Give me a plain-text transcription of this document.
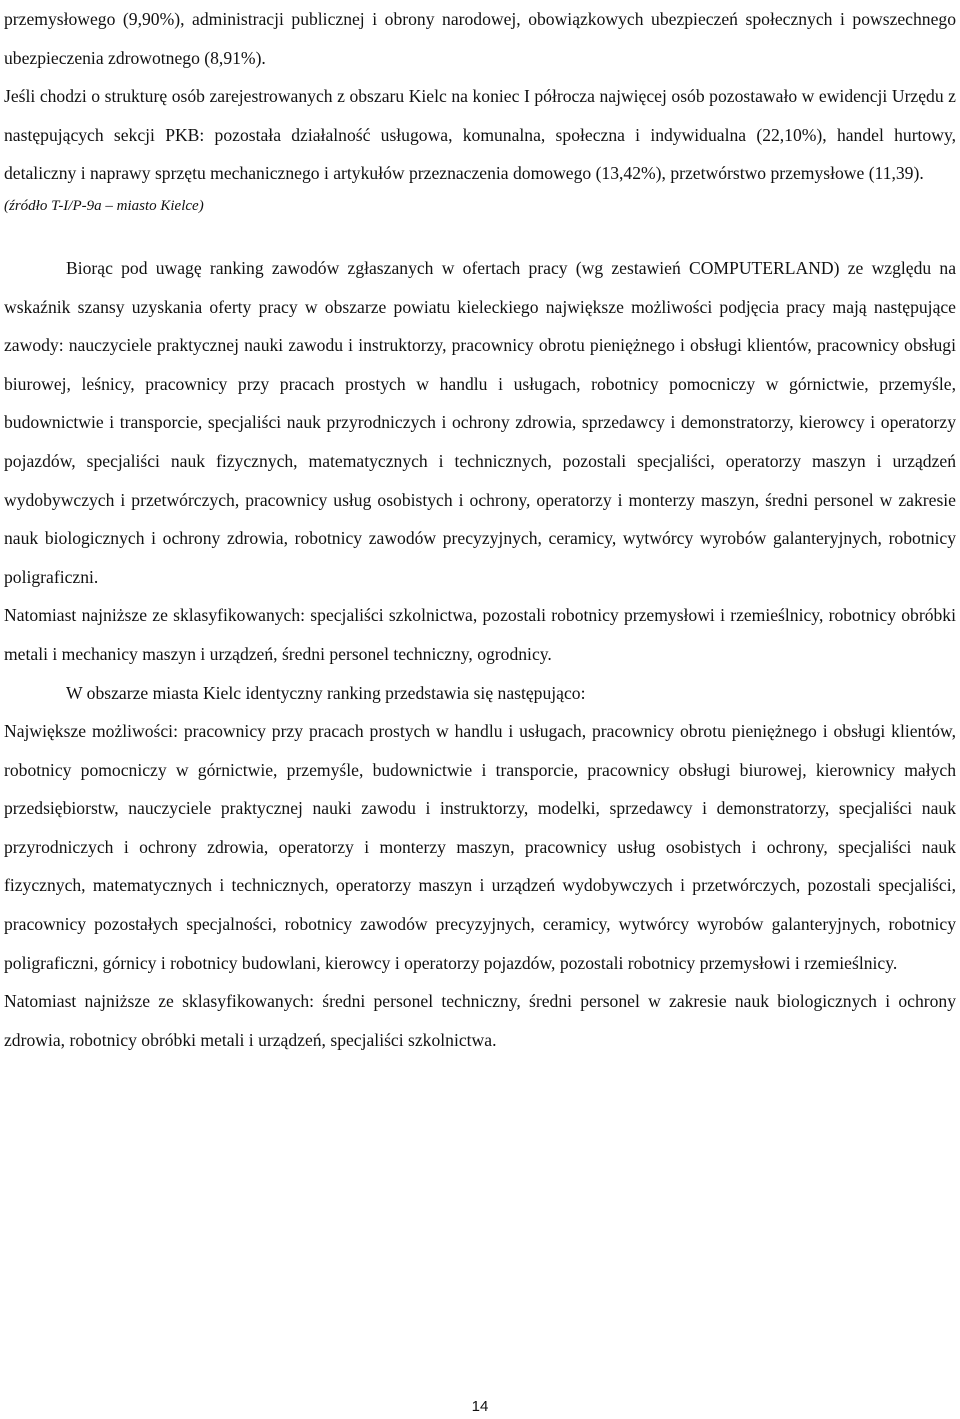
przemysłowego (9,90%), administracji publicznej i obrony narodowej, obowiązkowych ubezpieczeń społecznych i powszechnego ubezpieczenia zdrowotnego (8,91%).

Jeśli chodzi o strukturę osób zarejestrowanych z obszaru Kielc na koniec I półrocza najwięcej osób pozostawało w ewidencji Urzędu z następujących sekcji PKB: pozostała działalność usługowa, komunalna, społeczna i indywidualna (22,10%), handel hurtowy, detaliczny i naprawy sprzętu mechanicznego i artykułów przeznaczenia domowego (13,42%), przetwórstwo przemysłowe (11,39).

(źródło T-I/P-9a – miasto Kielce)

Biorąc pod uwagę ranking zawodów zgłaszanych w ofertach pracy (wg zestawień COMPUTERLAND) ze względu na wskaźnik szansy uzyskania oferty pracy w obszarze powiatu kieleckiego największe możliwości podjęcia pracy mają następujące zawody: nauczyciele praktycznej nauki zawodu i instruktorzy, pracownicy obrotu pieniężnego i obsługi klientów, pracownicy obsługi biurowej, leśnicy, pracownicy przy pracach prostych w handlu i usługach, robotnicy pomocniczy w górnictwie, przemyśle, budownictwie i transporcie, specjaliści nauk przyrodniczych i ochrony zdrowia, sprzedawcy i demonstratorzy, kierowcy i operatorzy pojazdów, specjaliści nauk fizycznych, matematycznych i technicznych, pozostali specjaliści, operatorzy maszyn i urządzeń wydobywczych i przetwórczych, pracownicy usług osobistych i ochrony, operatorzy i monterzy maszyn, średni personel w zakresie nauk biologicznych i ochrony zdrowia, robotnicy zawodów precyzyjnych, ceramicy, wytwórcy wyrobów galanteryjnych, robotnicy poligraficzni.

Natomiast najniższe ze sklasyfikowanych: specjaliści szkolnictwa, pozostali robotnicy przemysłowi i rzemieślnicy, robotnicy obróbki metali i mechanicy maszyn i urządzeń, średni personel techniczny, ogrodnicy.

W obszarze miasta Kielc identyczny ranking przedstawia się następująco:

Największe możliwości: pracownicy przy pracach prostych w handlu i usługach, pracownicy obrotu pieniężnego i obsługi klientów, robotnicy pomocniczy w górnictwie, przemyśle, budownictwie i transporcie, pracownicy obsługi biurowej, kierownicy małych przedsiębiorstw, nauczyciele praktycznej nauki zawodu i instruktorzy, modelki, sprzedawcy i demonstratorzy, specjaliści nauk przyrodniczych i ochrony zdrowia, operatorzy i monterzy maszyn, pracownicy usług osobistych i ochrony, specjaliści nauk fizycznych, matematycznych i technicznych, operatorzy maszyn i urządzeń wydobywczych i przetwórczych, pozostali specjaliści, pracownicy pozostałych specjalności, robotnicy zawodów precyzyjnych, ceramicy, wytwórcy wyrobów galanteryjnych, robotnicy poligraficzni, górnicy i robotnicy budowlani, kierowcy i operatorzy pojazdów, pozostali robotnicy przemysłowi i rzemieślnicy.

Natomiast najniższe ze sklasyfikowanych: średni personel techniczny, średni personel w zakresie nauk biologicznych i ochrony zdrowia, robotnicy obróbki metali i urządzeń, specjaliści szkolnictwa.

14
